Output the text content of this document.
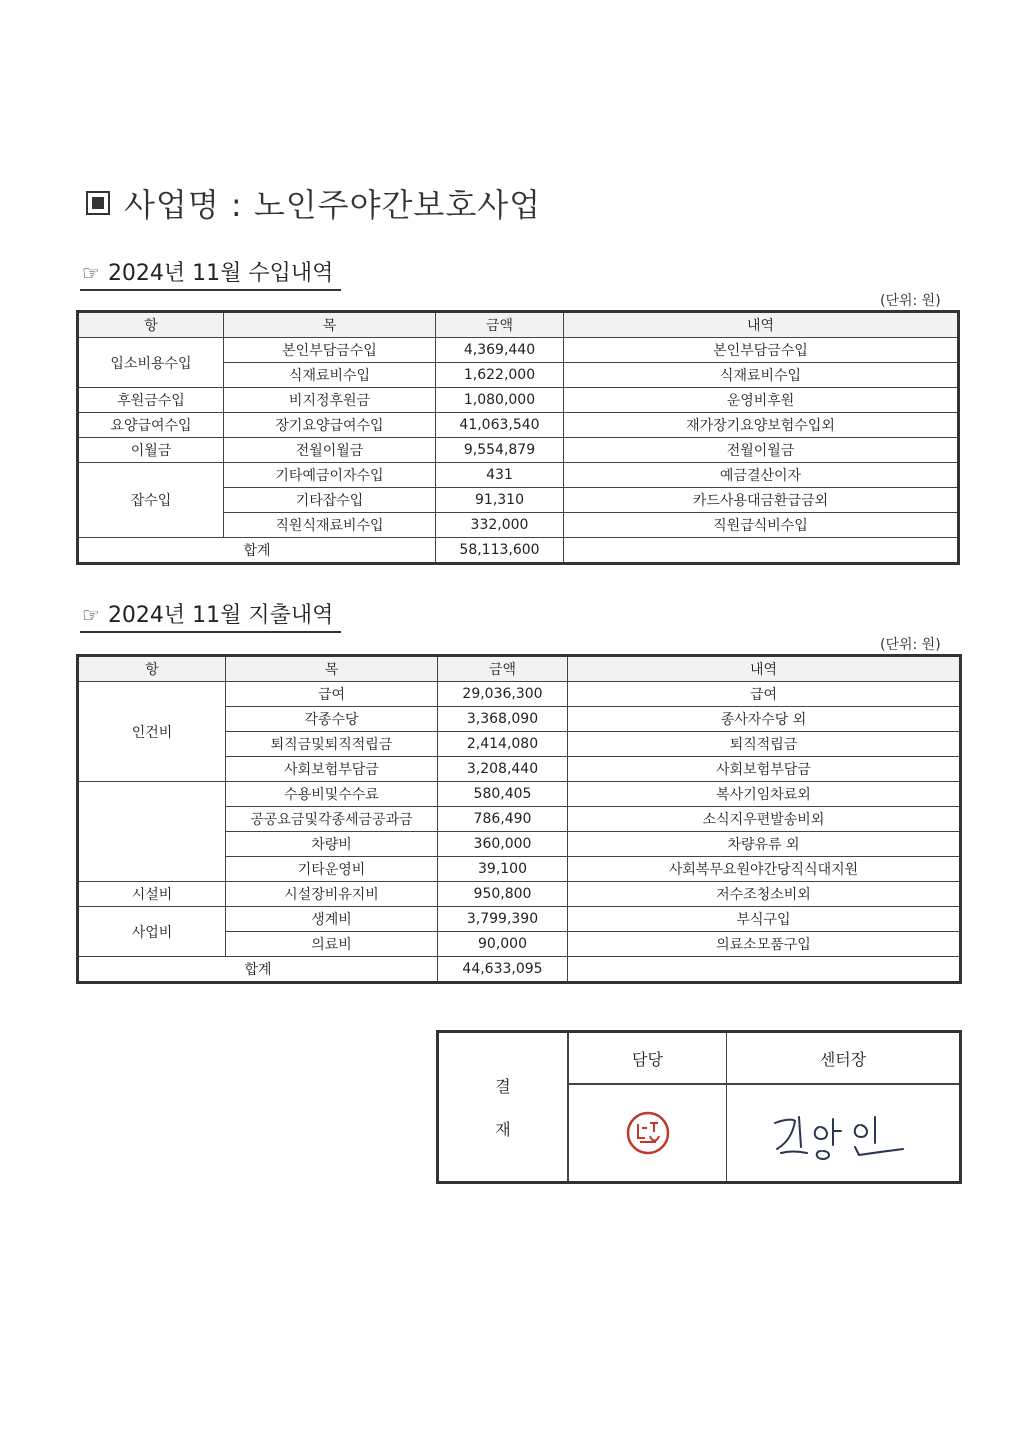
사업명 : 노인주야간보호사업
☞ 2024년 11월 수입내역
(단위: 원)
항	목	금액	내역
입소비용수입	본인부담금수입	4,369,440	본인부담금수입
	식재료비수입	1,622,000	식재료비수입
후원금수입	비지정후원금	1,080,000	운영비후원
요양급여수입	장기요양급여수입	41,063,540	재가장기요양보험수입외
이월금	전월이월금	9,554,879	전월이월금
잡수입	기타예금이자수입	431	예금결산이자
	기타잡수입	91,310	카드사용대금환급금외
	직원식재료비수입	332,000	직원급식비수입
합계		58,113,600	
☞ 2024년 11월 지출내역
(단위: 원)
항	목	금액	내역
인건비	급여	29,036,300	급여
	각종수당	3,368,090	종사자수당 외
	퇴직금및퇴직적립금	2,414,080	퇴직적립금
	사회보험부담금	3,208,440	사회보험부담금
	수용비및수수료	580,405	복사기임차료외
	공공요금및각종세금공과금	786,490	소식지우편발송비외
	차량비	360,000	차량유류 외
	기타운영비	39,100	사회복무요원야간당직식대지원
시설비	시설장비유지비	950,800	저수조청소비외
사업비	생계비	3,799,390	부식구입
	의료비	90,000	의료소모품구입
합계		44,633,095	
결
재
담당	센터장
